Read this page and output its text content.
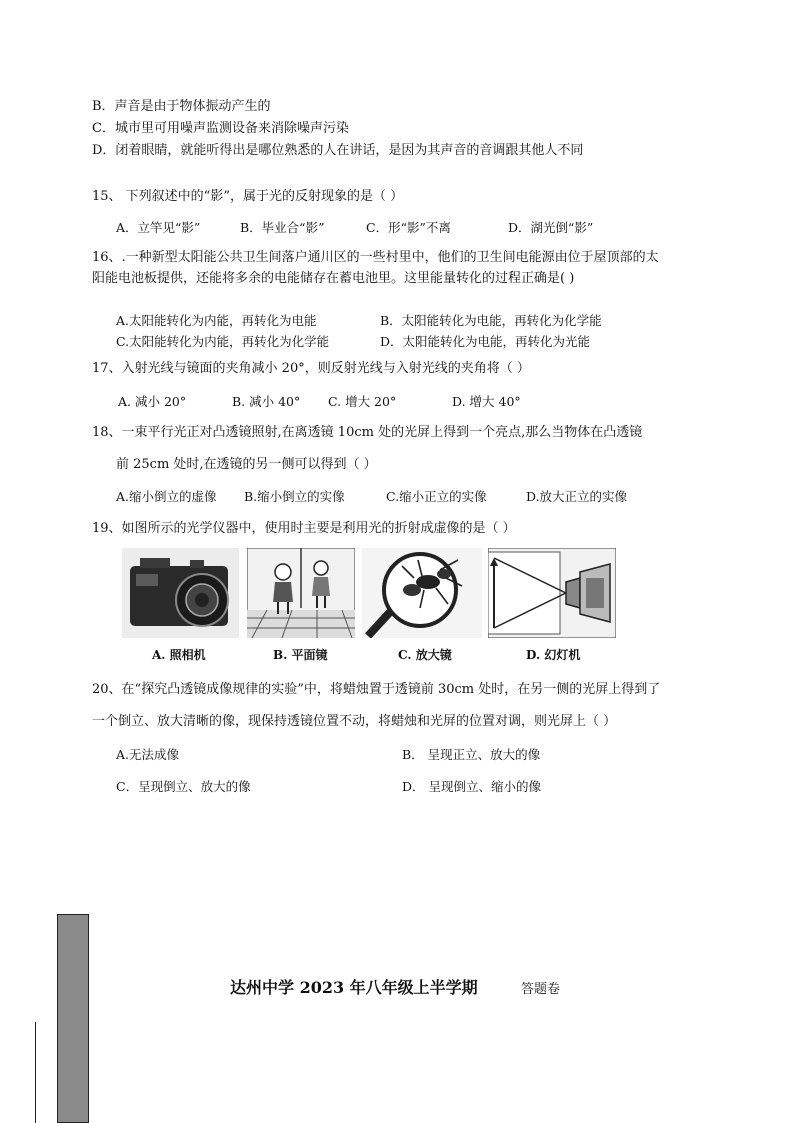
B．声音是由于物体振动产生的
C．城市里可用噪声监测设备来消除噪声污染
D．闭着眼睛，就能听得出是哪位熟悉的人在讲话，是因为其声音的音调跟其他人不同
15、 下列叙述中的“影”，属于光的反射现象的是（ ）
A．立竿见“影”	B．毕业合“影”	C．形“影”不离	D．湖光倒“影”
16、.一种新型太阳能公共卫生间落户通川区的一些村里中，他们的卫生间电能源由位于屋顶部的太
阳能电池板提供，还能将多余的电能储存在蓄电池里。这里能量转化的过程正确是( )
A.太阳能转化为内能，再转化为电能	B．太阳能转化为电能，再转化为化学能
C.太阳能转化为内能，再转化为化学能	D．太阳能转化为电能，再转化为光能
17、入射光线与镜面的夹角减小 20°，则反射光线与入射光线的夹角将（ ）
A. 减小 20°	B. 减小 40° C. 增大 20°	D. 增大 40°
18、一束平行光正对凸透镜照射,在离透镜 10cm 处的光屏上得到一个亮点,那么当物体在凸透镜
前 25cm 处时,在透镜的另一侧可以得到（ ）
A.缩小倒立的虚像 B.缩小倒立的实像	C.缩小正立的实像	D.放大正立的实像
19、如图所示的光学仪器中，使用时主要是利用光的折射成虚像的是（ ）
A. 照相机	B. 平面镜	C. 放大镜	D. 幻灯机
20、在“探究凸透镜成像规律的实验”中，将蜡烛置于透镜前 30cm 处时，在另一侧的光屏上得到了
一个倒立、放大清晰的像，现保持透镜位置不动，将蜡烛和光屏的位置对调，则光屏上（ ）
A.无法成像	B． 呈现正立、放大的像
C．呈现倒立、放大的像	D． 呈现倒立、缩小的像
达州中学 2023 年八年级上半学期	答题卷
